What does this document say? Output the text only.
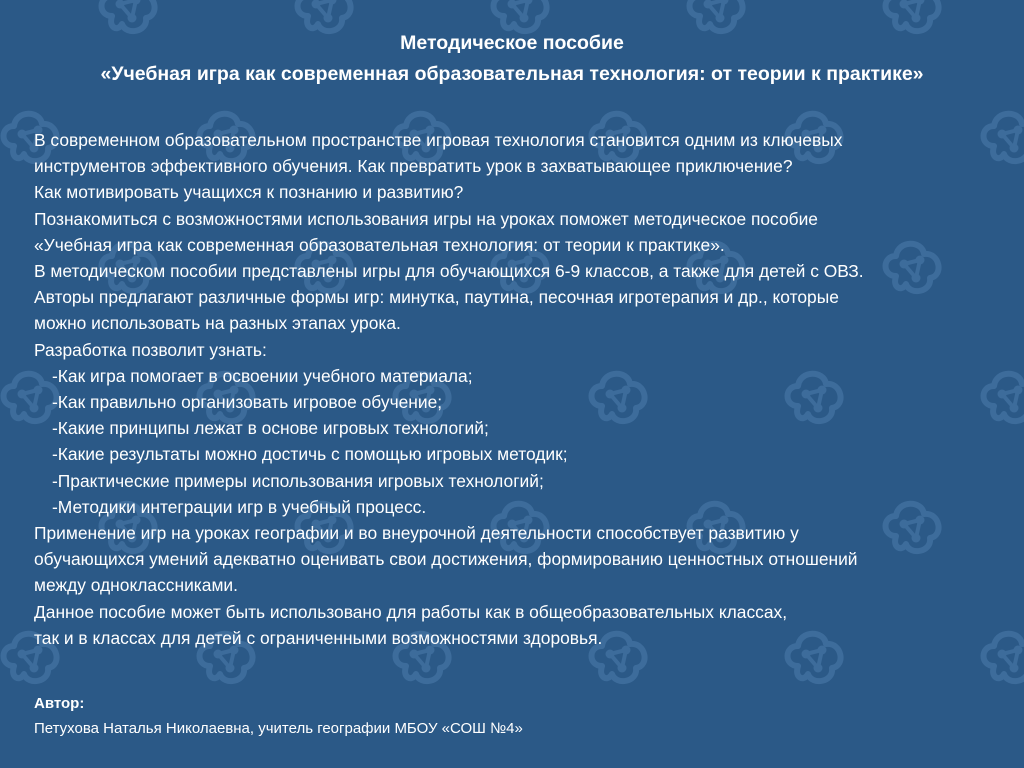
Методическое пособие
«Учебная игра как современная образовательная технология: от теории к практике»
В современном образовательном пространстве игровая технология становится одним из ключевых
инструментов эффективного обучения. Как превратить урок в захватывающее приключение?
Как мотивировать учащихся к познанию и развитию?
Познакомиться с возможностями использования игры на уроках поможет методическое пособие
«Учебная игра как современная образовательная технология: от теории к практике».
В методическом пособии представлены игры для обучающихся 6-9 классов, а также для детей с ОВЗ.
Авторы предлагают различные формы игр: минутка, паутина, песочная игротерапия и др., которые
можно использовать на разных этапах урока.
Разработка позволит узнать:
-Как игра помогает в освоении учебного материала;
-Как правильно организовать игровое обучение;
-Какие принципы лежат в основе игровых технологий;
-Какие результаты можно достичь с помощью игровых методик;
-Практические примеры использования игровых технологий;
-Методики интеграции игр в учебный процесс.
Применение игр на уроках географии и во внеурочной деятельности способствует развитию у
обучающихся умений адекватно оценивать свои достижения, формированию ценностных отношений
между одноклассниками.
Данное пособие может быть использовано для работы как в общеобразовательных классах,
так и в классах для детей с ограниченными возможностями здоровья.
Автор:
Петухова Наталья Николаевна, учитель географии МБОУ «СОШ №4»
